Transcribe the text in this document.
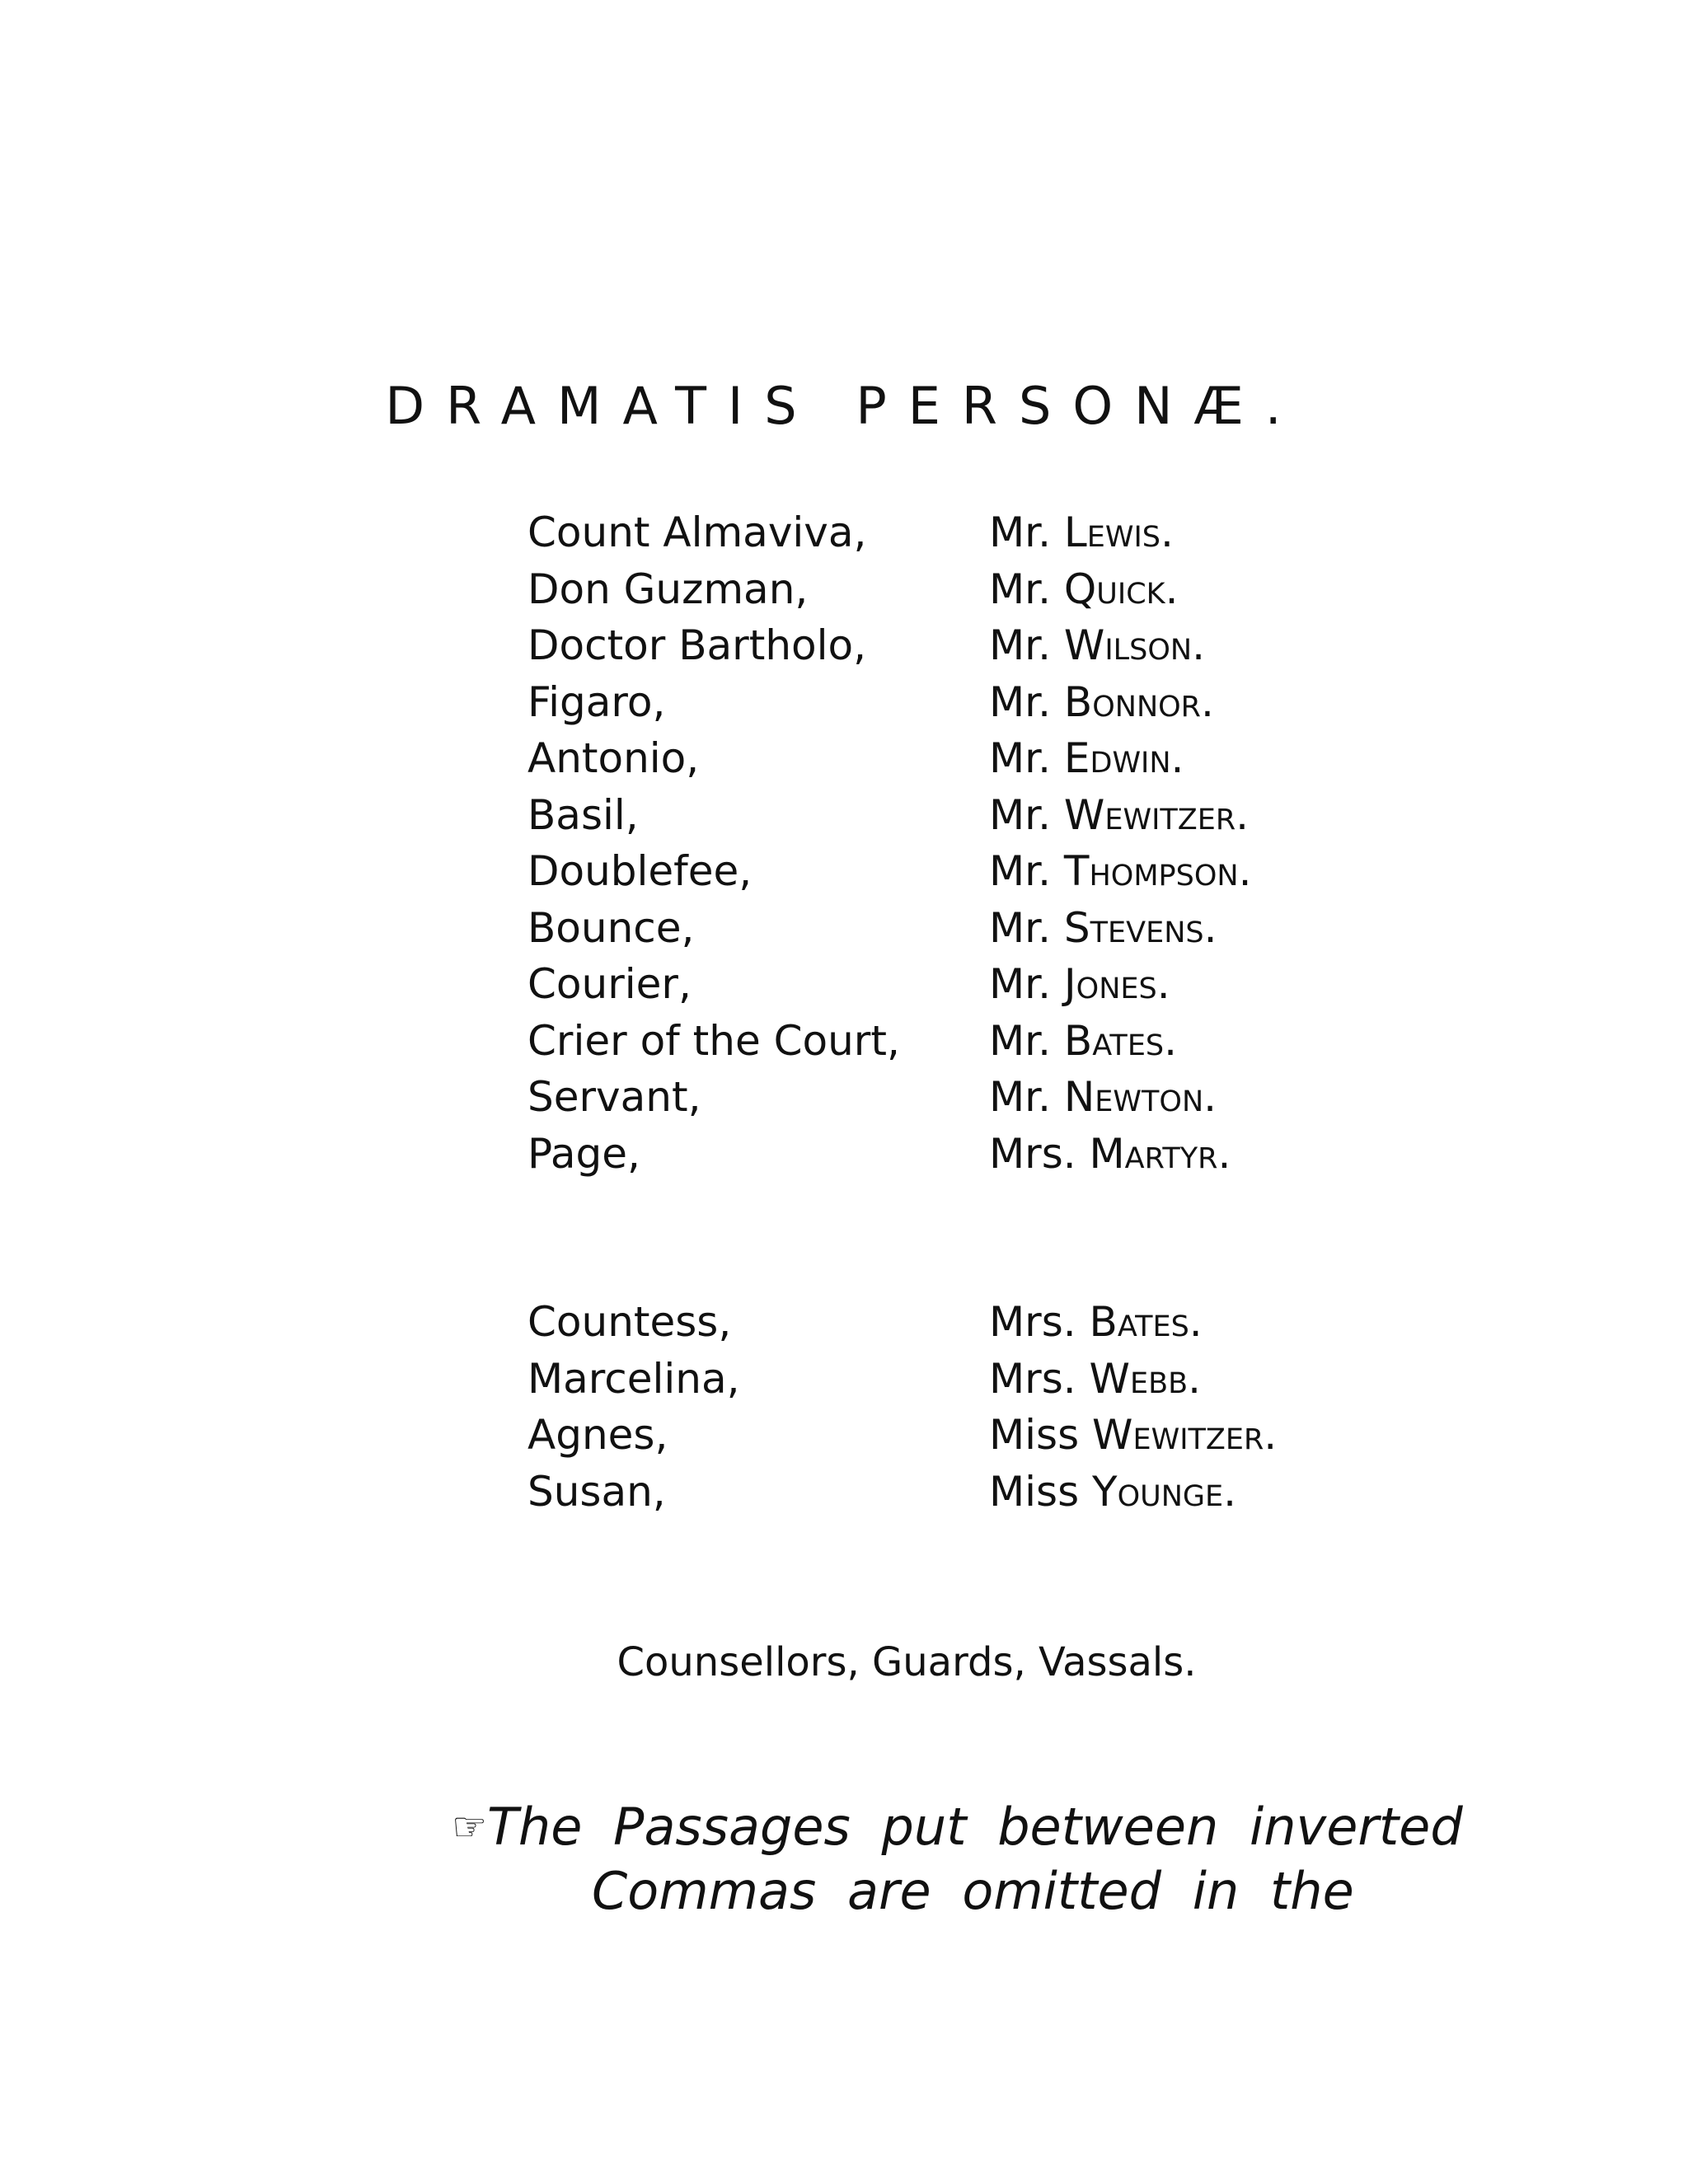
DRAMATIS PERSONÆ.
Count Almaviva,	Mr. Lewis.
Don Guzman,	Mr. Quick.
Doctor Bartholo,	Mr. Wilson.
Figaro,	Mr. Bonnor.
Antonio,	Mr. Edwin.
Basil,	Mr. Wewitzer.
Doublefee,	Mr. Thompson.
Bounce,	Mr. Stevens.
Courier,	Mr. Jones.
Crier of the Court,	Mr. Bates.
Servant,	Mr. Newton.
Page,	Mrs. Martyr.
Countess,	Mrs. Bates.
Marcelina,	Mrs. Webb.
Agnes,	Miss Wewitzer.
Susan,	Miss Younge.
Counsellors, Guards, Vassals.
☞ The Passages put between inverted
Commas are omitted in the
